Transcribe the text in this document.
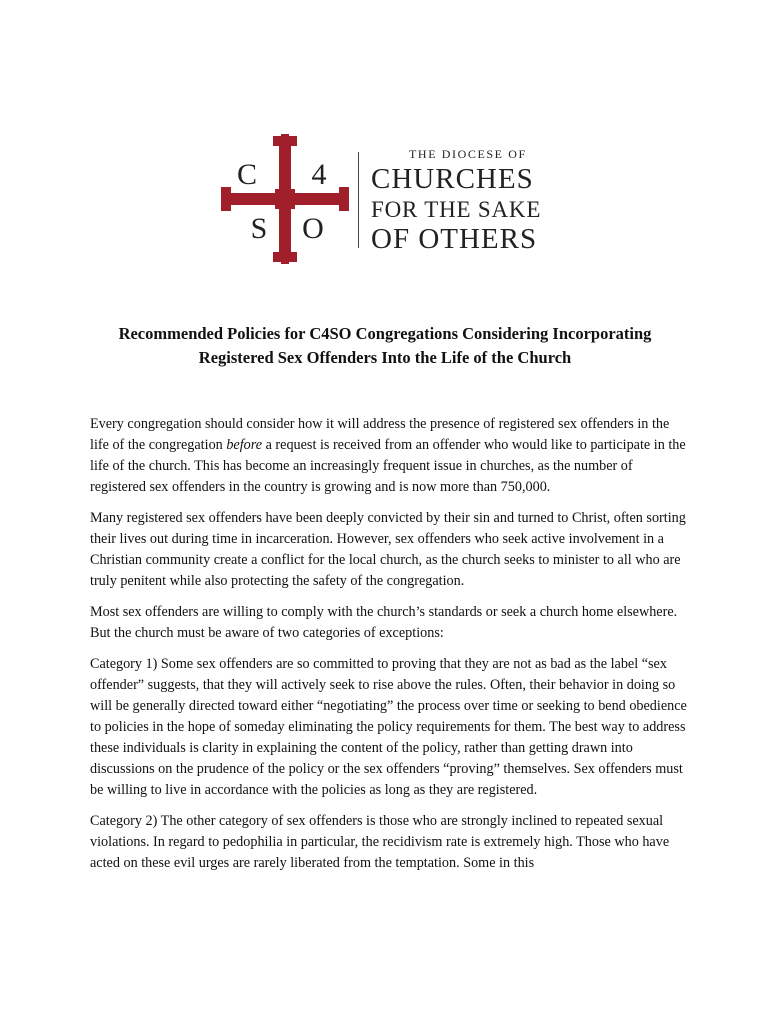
C 4
S O
THE DIOCESE OF
CHURCHES
FOR THE SAKE
OF OTHERS
Recommended Policies for C4SO Congregations Considering Incorporating
Registered Sex Offenders Into the Life of the Church

Every congregation should consider how it will address the presence of registered sex offenders in the life of the congregation before a request is received from an offender who would like to participate in the life of the church. This has become an increasingly frequent issue in churches, as the number of registered sex offenders in the country is growing and is now more than 750,000.

Many registered sex offenders have been deeply convicted by their sin and turned to Christ, often sorting their lives out during time in incarceration. However, sex offenders who seek active involvement in a Christian community create a conflict for the local church, as the church seeks to minister to all who are truly penitent while also protecting the safety of the congregation.

Most sex offenders are willing to comply with the church’s standards or seek a church home elsewhere. But the church must be aware of two categories of exceptions:

Category 1) Some sex offenders are so committed to proving that they are not as bad as the label “sex offender” suggests, that they will actively seek to rise above the rules. Often, their behavior in doing so will be generally directed toward either “negotiating” the process over time or seeking to bend obedience to policies in the hope of someday eliminating the policy requirements for them. The best way to address these individuals is clarity in explaining the content of the policy, rather than getting drawn into discussions on the prudence of the policy or the sex offenders “proving” themselves. Sex offenders must be willing to live in accordance with the policies as long as they are registered.

Category 2) The other category of sex offenders is those who are strongly inclined to repeated sexual violations. In regard to pedophilia in particular, the recidivism rate is extremely high. Those who have acted on these evil urges are rarely liberated from the temptation. Some in this
